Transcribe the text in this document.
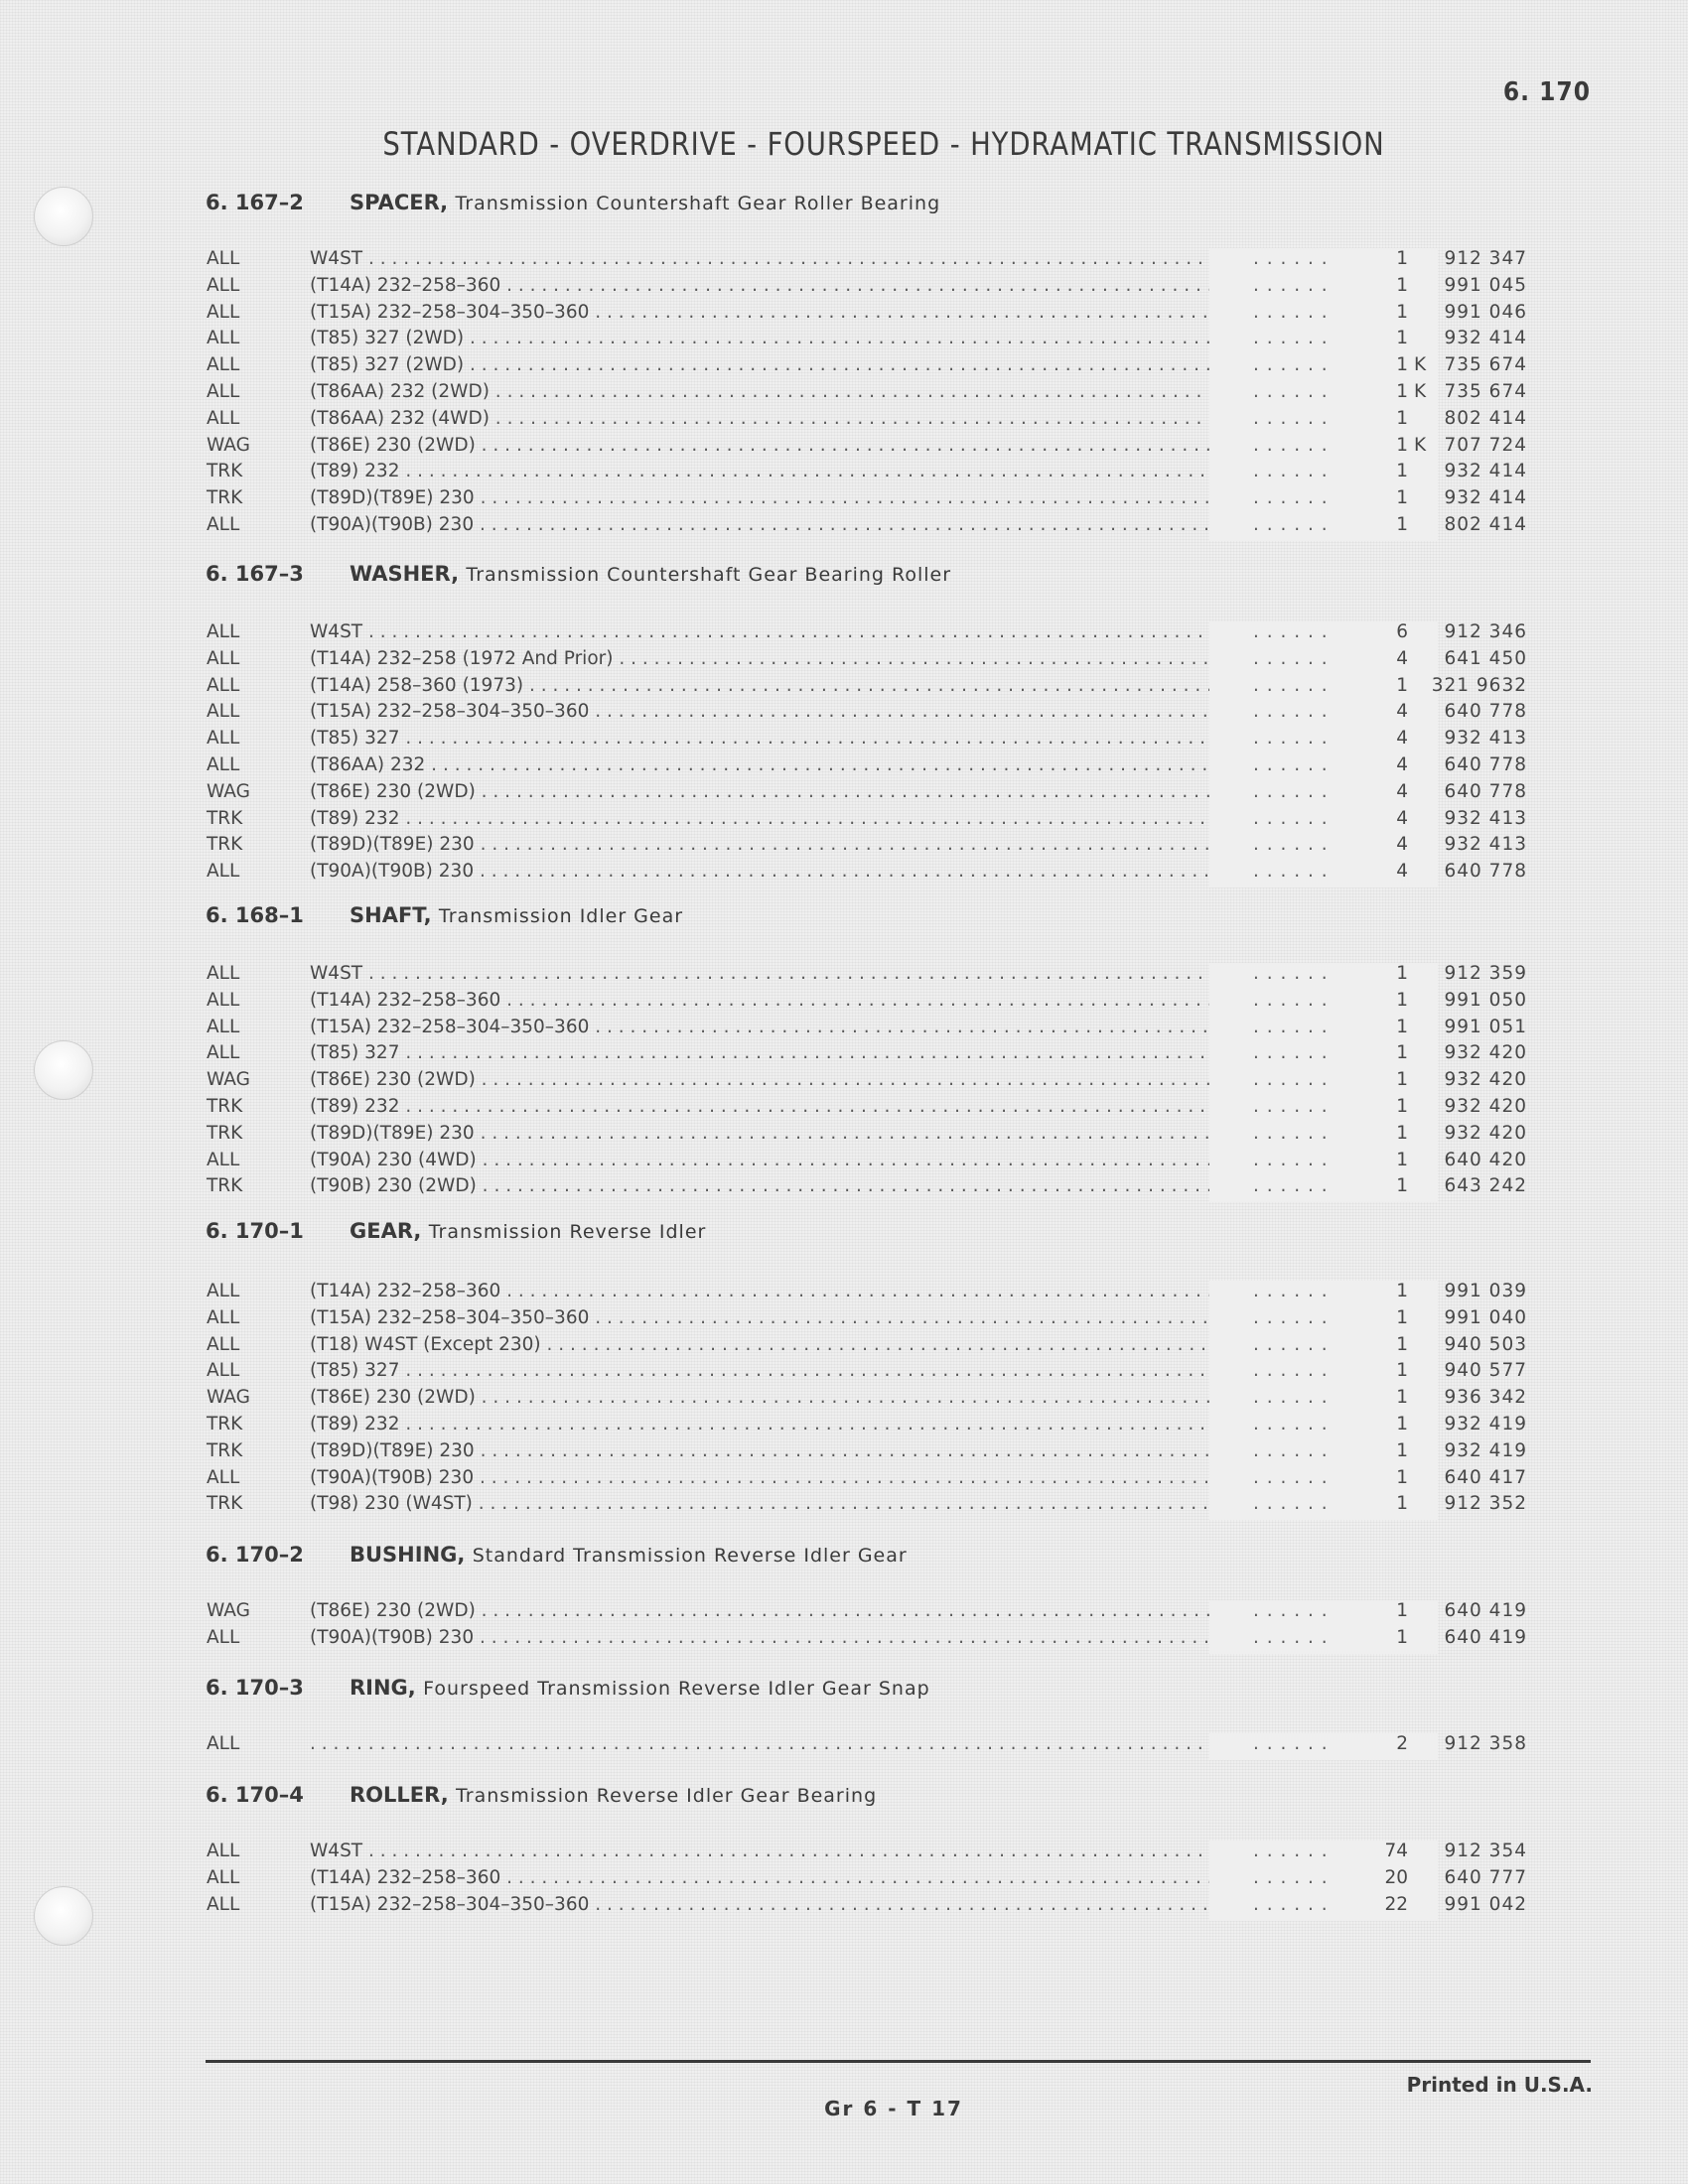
6. 170
STANDARD - OVERDRIVE - FOURSPEED - HYDRAMATIC TRANSMISSION
6. 167–2 SPACER, Transmission Countershaft Gear Roller Bearing
ALL	W4ST . . .	. . . . . .	1 912 347
ALL	(T14A) 232–258–360 . . .	. . . . . .	1 991 045
ALL	(T15A) 232–258–304–350–360 . . .	. . . . . .	1 991 046
ALL	(T85) 327 (2WD) . . .	. . . . . .	1 932 414
ALL	(T85) 327 (2WD) . . .	. . . . . .	1 K 735 674
ALL	(T86AA) 232 (2WD) . . .	. . . . . .	1 K 735 674
ALL	(T86AA) 232 (4WD) . . .	. . . . . .	1 802 414
WAG	(T86E) 230 (2WD) . . .	. . . . . .	1 K 707 724
TRK	(T89) 232 . . .	. . . . . .	1 932 414
TRK	(T89D)(T89E) 230 . . .	. . . . . .	1 932 414
ALL	(T90A)(T90B) 230 . . .	. . . . . .	1 802 414
6. 167–3 WASHER, Transmission Countershaft Gear Bearing Roller
ALL	W4ST . . .	. . . . . .	6 912 346
ALL	(T14A) 232–258 (1972 And Prior) . . .	. . . . . .	4 641 450
ALL	(T14A) 258–360 (1973) . . .	. . . . . .	1 321 9632
ALL	(T15A) 232–258–304–350–360 . . .	. . . . . .	4 640 778
ALL	(T85) 327 . . .	. . . . . .	4 932 413
ALL	(T86AA) 232 . . .	. . . . . .	4 640 778
WAG	(T86E) 230 (2WD) . . .	. . . . . .	4 640 778
TRK	(T89) 232 . . .	. . . . . .	4 932 413
TRK	(T89D)(T89E) 230 . . .	. . . . . .	4 932 413
ALL	(T90A)(T90B) 230 . . .	. . . . . .	4 640 778
6. 168–1 SHAFT, Transmission Idler Gear
ALL	W4ST . . .	. . . . . .	1 912 359
ALL	(T14A) 232–258–360 . . .	. . . . . .	1 991 050
ALL	(T15A) 232–258–304–350–360 . . .	. . . . . .	1 991 051
ALL	(T85) 327 . . .	. . . . . .	1 932 420
WAG	(T86E) 230 (2WD) . . .	. . . . . .	1 932 420
TRK	(T89) 232 . . .	. . . . . .	1 932 420
TRK	(T89D)(T89E) 230 . . .	. . . . . .	1 932 420
ALL	(T90A) 230 (4WD) . . .	. . . . . .	1 640 420
TRK	(T90B) 230 (2WD) . . .	. . . . . .	1 643 242
6. 170–1 GEAR, Transmission Reverse Idler
ALL	(T14A) 232–258–360 . . .	. . . . . .	1 991 039
ALL	(T15A) 232–258–304–350–360 . . .	. . . . . .	1 991 040
ALL	(T18) W4ST (Except 230) . . .	. . . . . .	1 940 503
ALL	(T85) 327 . . .	. . . . . .	1 940 577
WAG	(T86E) 230 (2WD) . . .	. . . . . .	1 936 342
TRK	(T89) 232 . . .	. . . . . .	1 932 419
TRK	(T89D)(T89E) 230 . . .	. . . . . .	1 932 419
ALL	(T90A)(T90B) 230 . . .	. . . . . .	1 640 417
TRK	(T98) 230 (W4ST) . . .	. . . . . .	1 912 352
6. 170–2 BUSHING, Standard Transmission Reverse Idler Gear
WAG	(T86E) 230 (2WD) . . .	. . . . . .	1 640 419
ALL	(T90A)(T90B) 230 . . .	. . . . . .	1 640 419
6. 170–3 RING, Fourspeed Transmission Reverse Idler Gear Snap
ALL
. . .	. . . . . .	2 912 358
6. 170–4 ROLLER, Transmission Reverse Idler Gear Bearing
ALL	W4ST . . .	. . . . . .	74 912 354
ALL	(T14A) 232–258–360 . . .	. . . . . .	20 640 777
ALL	(T15A) 232–258–304–350–360 . . .	. . . . . .	22 991 042
Printed in U.S.A.
Gr 6 - T 17
